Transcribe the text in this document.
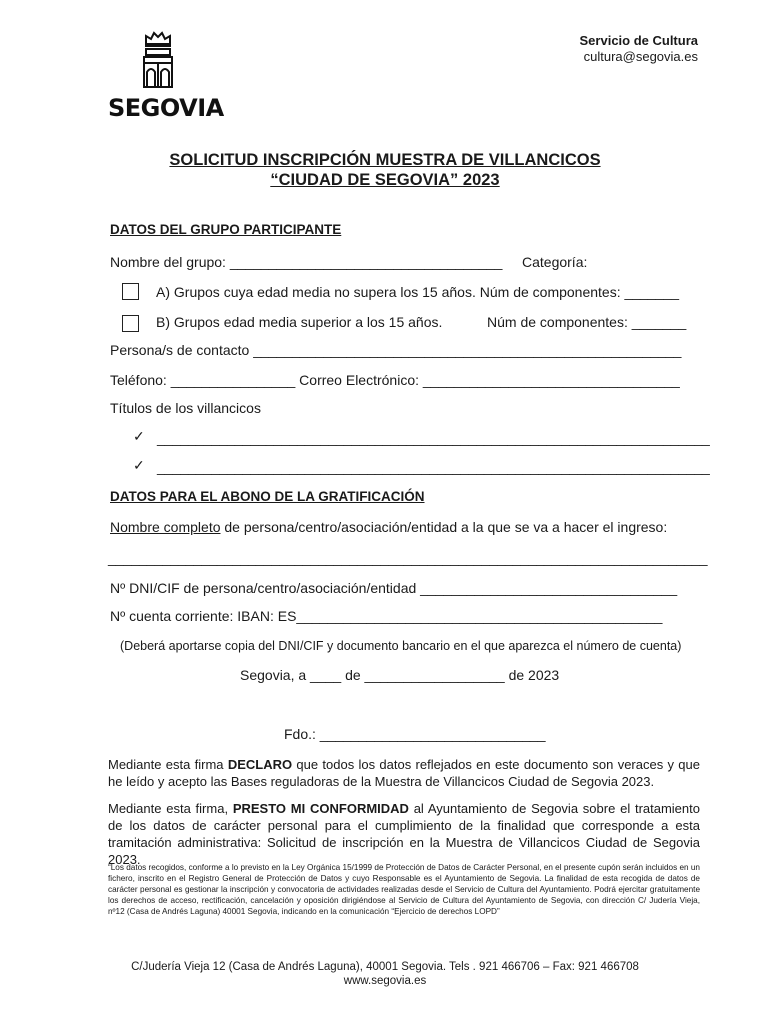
SEGOVIA
Servicio de Cultura
cultura@segovia.es
SOLICITUD INSCRIPCIÓN MUESTRA DE VILLANCICOS
“CIUDAD DE SEGOVIA” 2023
DATOS DEL GRUPO PARTICIPANTE
Nombre del grupo: ___________________________________ Categoría:
A) Grupos cuya edad media no supera los 15 años. Núm de componentes: _______
B) Grupos edad media superior a los 15 años.	Núm de componentes: _______
Persona/s de contacto _______________________________________________________
Teléfono: ________________ Correo Electrónico: _________________________________
Títulos de los villancicos
✓ _______________________________________________________________________
✓ _______________________________________________________________________
DATOS PARA EL ABONO DE LA GRATIFICACIÓN
Nombre completo de persona/centro/asociación/entidad a la que se va a hacer el ingreso:
_____________________________________________________________________________
Nº DNI/CIF de persona/centro/asociación/entidad _________________________________
Nº cuenta corriente: IBAN: ES_______________________________________________
(Deberá aportarse copia del DNI/CIF y documento bancario en el que aparezca el número de cuenta)
Segovia, a ____ de __________________ de 2023
Fdo.: _____________________________
Mediante esta firma DECLARO que todos los datos reflejados en este documento son veraces y que he leído y acepto las Bases reguladoras de la Muestra de Villancicos Ciudad de Segovia 2023.
Mediante esta firma, PRESTO MI CONFORMIDAD al Ayuntamiento de Segovia sobre el tratamiento de los datos de carácter personal para el cumplimiento de la finalidad que corresponde a esta tramitación administrativa: Solicitud de inscripción en la Muestra de Villancicos Ciudad de Segovia 2023.
“Los datos recogidos, conforme a lo previsto en la Ley Orgánica 15/1999 de Protección de Datos de Carácter Personal, en el presente cupón serán incluidos en un fichero, inscrito en el Registro General de Protección de Datos y cuyo Responsable es el Ayuntamiento de Segovia. La finalidad de esta recogida de datos de carácter personal es gestionar la inscripción y convocatoria de actividades realizadas desde el Servicio de Cultura del Ayuntamiento. Podrá ejercitar gratuitamente los derechos de acceso, rectificación, cancelación y oposición dirigiéndose al Servicio de Cultura del Ayuntamiento de Segovia, con dirección C/ Judería Vieja, nº12 (Casa de Andrés Laguna) 40001 Segovia, indicando en la comunicación “Ejercicio de derechos LOPD”
C/Judería Vieja 12 (Casa de Andrés Laguna), 40001 Segovia. Tels . 921 466706 – Fax: 921 466708
www.segovia.es
